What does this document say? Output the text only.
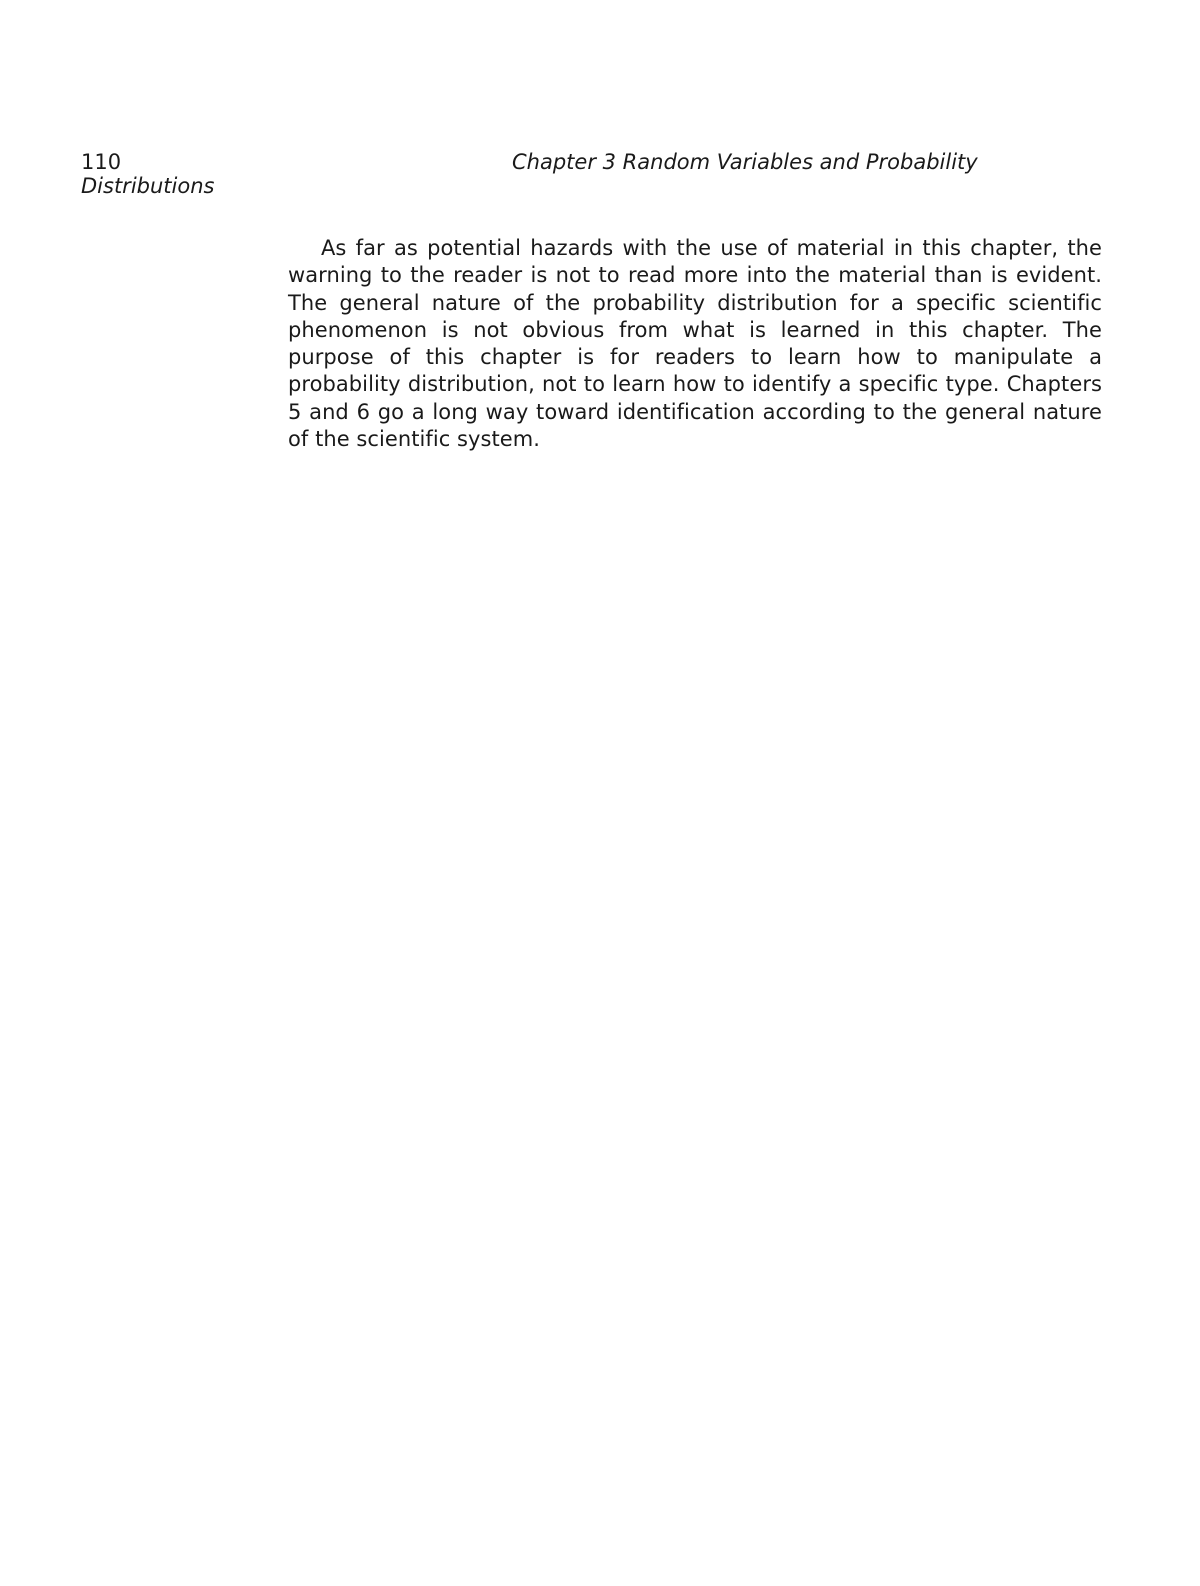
110	Chapter 3 Random Variables and Probability
Distributions

As far as potential hazards with the use of material in this chapter, the warning to the reader is not to read more into the material than is evident. The general nature of the probability distribution for a specific scientific phenomenon is not obvious from what is learned in this chapter. The purpose of this chapter is for readers to learn how to manipulate a probability distribution, not to learn how to identify a specific type. Chapters 5 and 6 go a long way toward identification according to the general nature of the scientific system.
